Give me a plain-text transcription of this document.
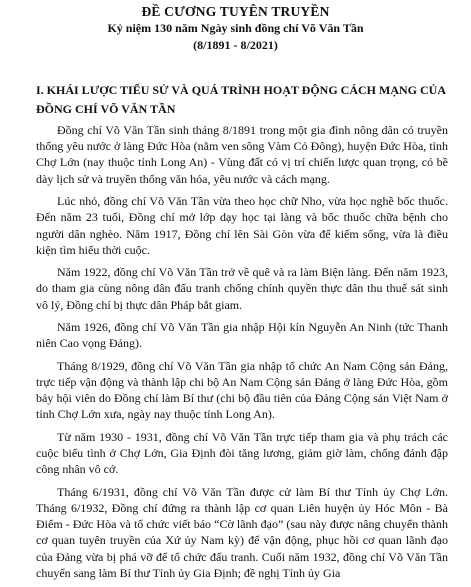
ĐỀ CƯƠNG TUYÊN TRUYỀN
Kỷ niệm 130 năm Ngày sinh đồng chí Võ Văn Tần
(8/1891 - 8/2021)
I. KHÁI LƯỢC TIỂU SỬ VÀ QUÁ TRÌNH HOẠT ĐỘNG CÁCH MẠNG CỦA ĐỒNG CHÍ VÕ VĂN TẦN

Đồng chí Võ Văn Tần sinh tháng 8/1891 trong một gia đình nông dân có truyền thống yêu nước ở làng Đức Hòa (nằm ven sông Vàm Cỏ Đông), huyện Đức Hòa, tỉnh Chợ Lớn (nay thuộc tỉnh Long An) - Vùng đất có vị trí chiến lược quan trọng, có bề dày lịch sử và truyền thống văn hóa, yêu nước và cách mạng.

Lúc nhỏ, đồng chí Võ Văn Tần vừa theo học chữ Nho, vừa học nghề bốc thuốc. Đến năm 23 tuổi, Đồng chí mở lớp dạy học tại làng và bốc thuốc chữa bệnh cho người dân nghèo. Năm 1917, Đồng chí lên Sài Gòn vừa để kiếm sống, vừa là điều kiện tìm hiểu thời cuộc.

Năm 1922, đồng chí Võ Văn Tần trở về quê và ra làm Biện làng. Đến năm 1923, do tham gia cùng nông dân đấu tranh chống chính quyền thực dân thu thuế sát sinh vô lý, Đồng chí bị thực dân Pháp bắt giam.

Năm 1926, đồng chí Võ Văn Tần gia nhập Hội kín Nguyễn An Ninh (tức Thanh niên Cao vọng Đảng).

Tháng 8/1929, đồng chí Võ Văn Tần gia nhập tổ chức An Nam Cộng sản Đảng, trực tiếp vận động và thành lập chi bộ An Nam Cộng sản Đảng ở làng Đức Hòa, gồm bảy hội viên do Đồng chí làm Bí thư (chi bộ đầu tiên của Đảng Cộng sản Việt Nam ở tỉnh Chợ Lớn xưa, ngày nay thuộc tỉnh Long An).

Từ năm 1930 - 1931, đồng chí Võ Văn Tần trực tiếp tham gia và phụ trách các cuộc biểu tình ở Chợ Lớn, Gia Định đòi tăng lương, giảm giờ làm, chống đánh đập công nhân vô cớ.

Tháng 6/1931, đồng chí Võ Văn Tần được cử làm Bí thư Tỉnh ủy Chợ Lớn. Tháng 6/1932, Đồng chí đứng ra thành lập cơ quan Liên huyện ủy Hóc Môn - Bà Điểm - Đức Hòa và tổ chức viết báo “Cờ lãnh đạo” (sau này được nâng chuyển thành cơ quan tuyên truyền của Xứ ủy Nam kỳ) để vận động, phục hồi cơ quan lãnh đạo của Đảng vừa bị phá vỡ để tổ chức đấu tranh. Cuối năm 1932, đồng chí Võ Văn Tần chuyển sang làm Bí thư Tỉnh ủy Gia Định; đề nghị Tỉnh ủy Gia
